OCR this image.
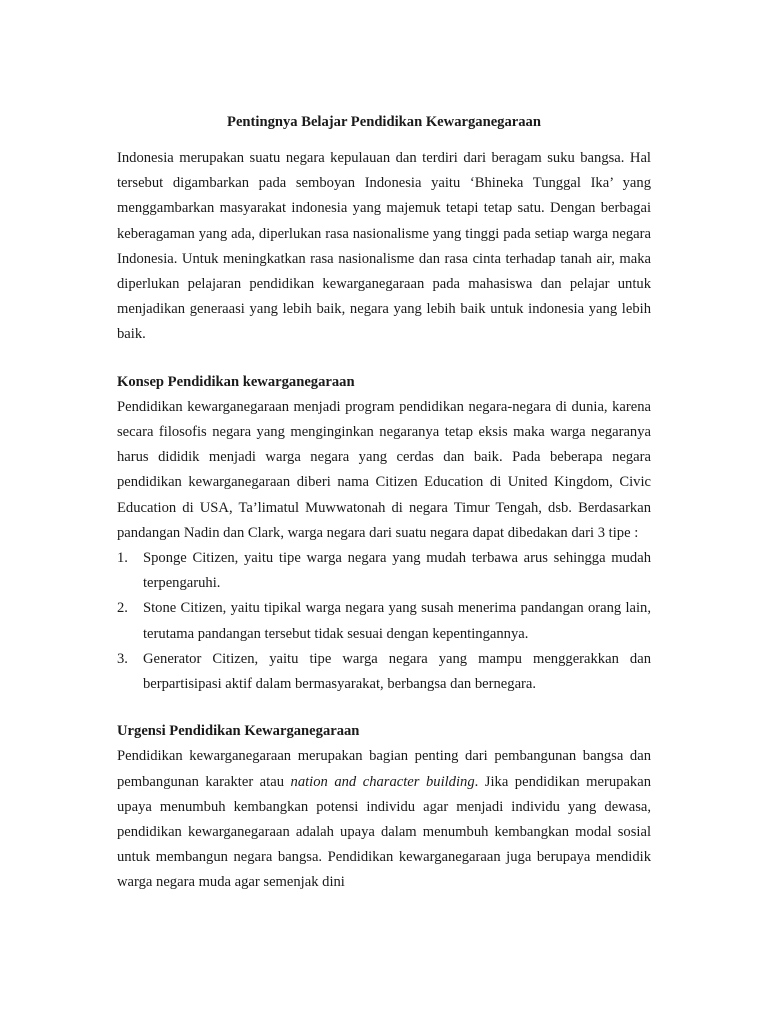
Pentingnya Belajar Pendidikan Kewarganegaraan

Indonesia merupakan suatu negara kepulauan dan terdiri dari beragam suku bangsa. Hal tersebut digambarkan pada semboyan Indonesia yaitu ‘Bhineka Tunggal Ika’ yang menggambarkan masyarakat indonesia yang majemuk tetapi tetap satu. Dengan berbagai keberagaman yang ada, diperlukan rasa nasionalisme yang tinggi pada setiap warga negara Indonesia. Untuk meningkatkan rasa nasionalisme dan rasa cinta terhadap tanah air, maka diperlukan pelajaran pendidikan kewarganegaraan pada mahasiswa dan pelajar untuk menjadikan generaasi yang lebih baik, negara yang lebih baik untuk indonesia yang lebih baik.

Konsep Pendidikan kewarganegaraan

Pendidikan kewarganegaraan menjadi program pendidikan negara-negara di dunia, karena secara filosofis negara yang menginginkan negaranya tetap eksis maka warga negaranya harus dididik menjadi warga negara yang cerdas dan baik. Pada beberapa negara pendidikan kewarganegaraan diberi nama Citizen Education di United Kingdom, Civic Education di USA, Ta’limatul Muwwatonah di negara Timur Tengah, dsb. Berdasarkan pandangan Nadin dan Clark, warga negara dari suatu negara dapat dibedakan dari 3 tipe :

1. Sponge Citizen, yaitu tipe warga negara yang mudah terbawa arus sehingga mudah terpengaruhi.
2. Stone Citizen, yaitu tipikal warga negara yang susah menerima pandangan orang lain, terutama pandangan tersebut tidak sesuai dengan kepentingannya.
3. Generator Citizen, yaitu tipe warga negara yang mampu menggerakkan dan berpartisipasi aktif dalam bermasyarakat, berbangsa dan bernegara.
Urgensi Pendidikan Kewarganegaraan

Pendidikan kewarganegaraan merupakan bagian penting dari pembangunan bangsa dan pembangunan karakter atau nation and character building. Jika pendidikan merupakan upaya menumbuh kembangkan potensi individu agar menjadi individu yang dewasa, pendidikan kewarganegaraan adalah upaya dalam menumbuh kembangkan modal sosial untuk membangun negara bangsa. Pendidikan kewarganegaraan juga berupaya mendidik warga negara muda agar semenjak dini
